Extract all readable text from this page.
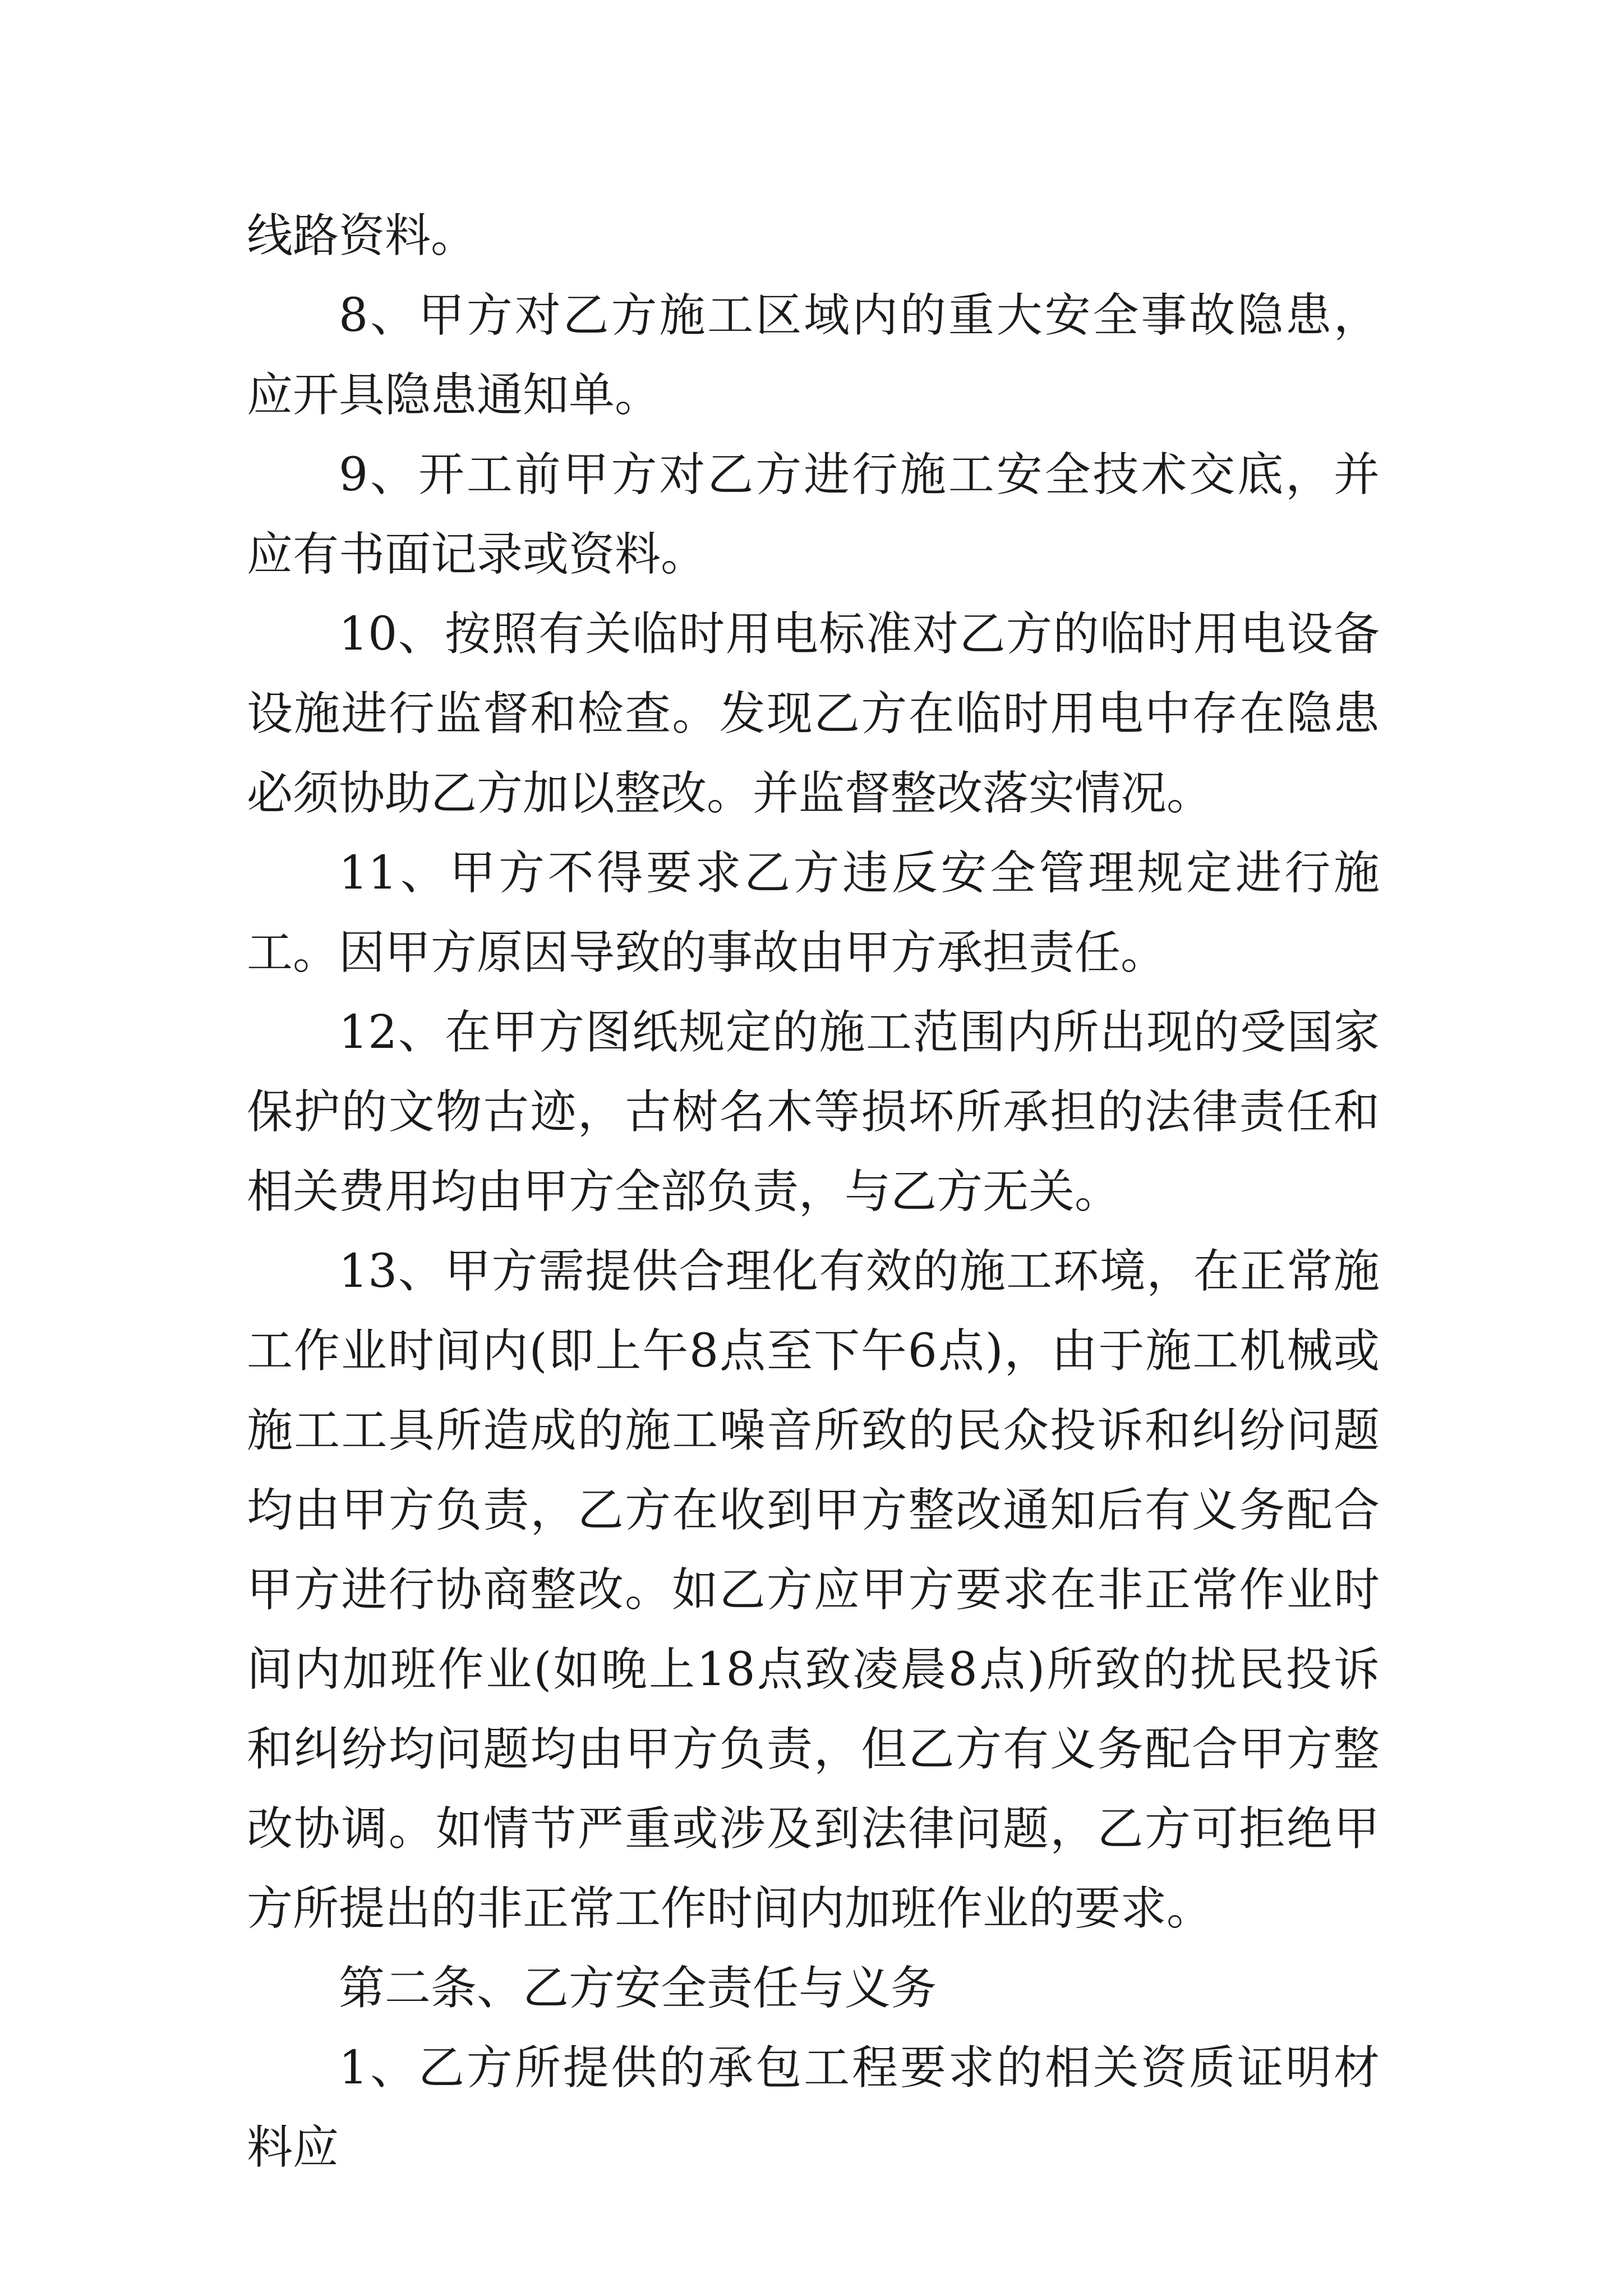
线路资料。

8、甲方对乙方施工区域内的重大安全事故隐患，应开具隐患通知单。

9、开工前甲方对乙方进行施工安全技术交底，并应有书面记录或资料。

10、按照有关临时用电标准对乙方的临时用电设备设施进行监督和检查。发现乙方在临时用电中存在隐患必须协助乙方加以整改。并监督整改落实情况。

11、甲方不得要求乙方违反安全管理规定进行施工。因甲方原因导致的事故由甲方承担责任。

12、在甲方图纸规定的施工范围内所出现的受国家保护的文物古迹，古树名木等损坏所承担的法律责任和相关费用均由甲方全部负责，与乙方无关。

13、甲方需提供合理化有效的施工环境，在正常施工作业时间内(即上午8点至下午6点)，由于施工机械或施工工具所造成的施工噪音所致的民众投诉和纠纷问题均由甲方负责，乙方在收到甲方整改通知后有义务配合甲方进行协商整改。如乙方应甲方要求在非正常作业时间内加班作业(如晚上18点致凌晨8点)所致的扰民投诉和纠纷均问题均由甲方负责，但乙方有义务配合甲方整改协调。如情节严重或涉及到法律问题，乙方可拒绝甲方所提出的非正常工作时间内加班作业的要求。

第二条、乙方安全责任与义务

1、乙方所提供的承包工程要求的相关资质证明材料应
